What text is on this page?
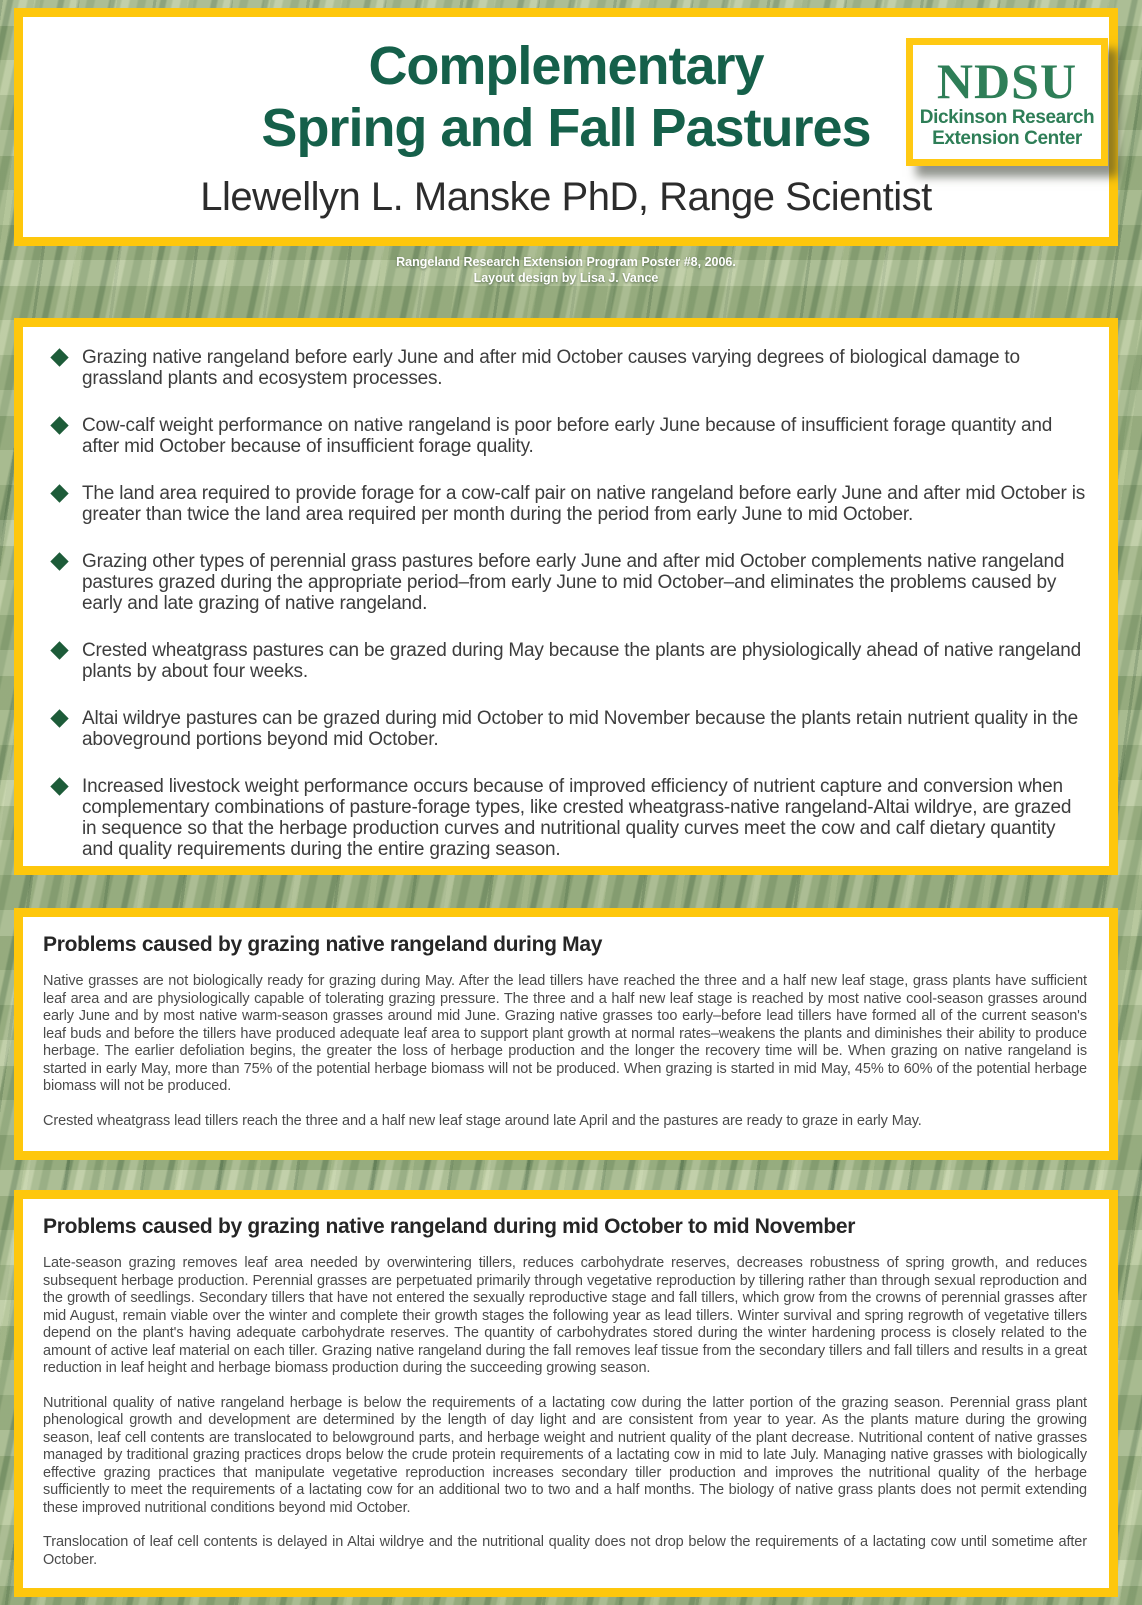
Complementary
Spring and Fall Pastures
Llewellyn L. Manske PhD, Range Scientist
NDSU
Dickinson Research
Extension Center
Rangeland Research Extension Program Poster #8, 2006.
Layout design by Lisa J. Vance
Grazing native rangeland before early June and after mid October causes varying degrees of biological damage to grassland plants and ecosystem processes.
Cow-calf weight performance on native rangeland is poor before early June because of insufficient forage quantity and after mid October because of insufficient forage quality.
The land area required to provide forage for a cow-calf pair on native rangeland before early June and after mid October is greater than twice the land area required per month during the period from early June to mid October.
Grazing other types of perennial grass pastures before early June and after mid October complements native rangeland pastures grazed during the appropriate period–from early June to mid October–and eliminates the problems caused by early and late grazing of native rangeland.
Crested wheatgrass pastures can be grazed during May because the plants are physiologically ahead of native rangeland plants by about four weeks.
Altai wildrye pastures can be grazed during mid October to mid November because the plants retain nutrient quality in the aboveground portions beyond mid October.
Increased livestock weight performance occurs because of improved efficiency of nutrient capture and conversion when complementary combinations of pasture-forage types, like crested wheatgrass-native rangeland-Altai wildrye, are grazed in sequence so that the herbage production curves and nutritional quality curves meet the cow and calf dietary quantity and quality requirements during the entire grazing season.
Problems caused by grazing native rangeland during May

Native grasses are not biologically ready for grazing during May. After the lead tillers have reached the three and a half new leaf stage, grass plants have sufficient leaf area and are physiologically capable of tolerating grazing pressure. The three and a half new leaf stage is reached by most native cool-season grasses around early June and by most native warm-season grasses around mid June. Grazing native grasses too early–before lead tillers have formed all of the current season's leaf buds and before the tillers have produced adequate leaf area to support plant growth at normal rates–weakens the plants and diminishes their ability to produce herbage. The earlier defoliation begins, the greater the loss of herbage production and the longer the recovery time will be. When grazing on native rangeland is started in early May, more than 75% of the potential herbage biomass will not be produced. When grazing is started in mid May, 45% to 60% of the potential herbage biomass will not be produced.

Crested wheatgrass lead tillers reach the three and a half new leaf stage around late April and the pastures are ready to graze in early May.

Problems caused by grazing native rangeland during mid October to mid November

Late-season grazing removes leaf area needed by overwintering tillers, reduces carbohydrate reserves, decreases robustness of spring growth, and reduces subsequent herbage production. Perennial grasses are perpetuated primarily through vegetative reproduction by tillering rather than through sexual reproduction and the growth of seedlings. Secondary tillers that have not entered the sexually reproductive stage and fall tillers, which grow from the crowns of perennial grasses after mid August, remain viable over the winter and complete their growth stages the following year as lead tillers. Winter survival and spring regrowth of vegetative tillers depend on the plant's having adequate carbohydrate reserves. The quantity of carbohydrates stored during the winter hardening process is closely related to the amount of active leaf material on each tiller. Grazing native rangeland during the fall removes leaf tissue from the secondary tillers and fall tillers and results in a great reduction in leaf height and herbage biomass production during the succeeding growing season.

Nutritional quality of native rangeland herbage is below the requirements of a lactating cow during the latter portion of the grazing season. Perennial grass plant phenological growth and development are determined by the length of day light and are consistent from year to year. As the plants mature during the growing season, leaf cell contents are translocated to belowground parts, and herbage weight and nutrient quality of the plant decrease. Nutritional content of native grasses managed by traditional grazing practices drops below the crude protein requirements of a lactating cow in mid to late July. Managing native grasses with biologically effective grazing practices that manipulate vegetative reproduction increases secondary tiller production and improves the nutritional quality of the herbage sufficiently to meet the requirements of a lactating cow for an additional two to two and a half months. The biology of native grass plants does not permit extending these improved nutritional conditions beyond mid October.

Translocation of leaf cell contents is delayed in Altai wildrye and the nutritional quality does not drop below the requirements of a lactating cow until sometime after October.
